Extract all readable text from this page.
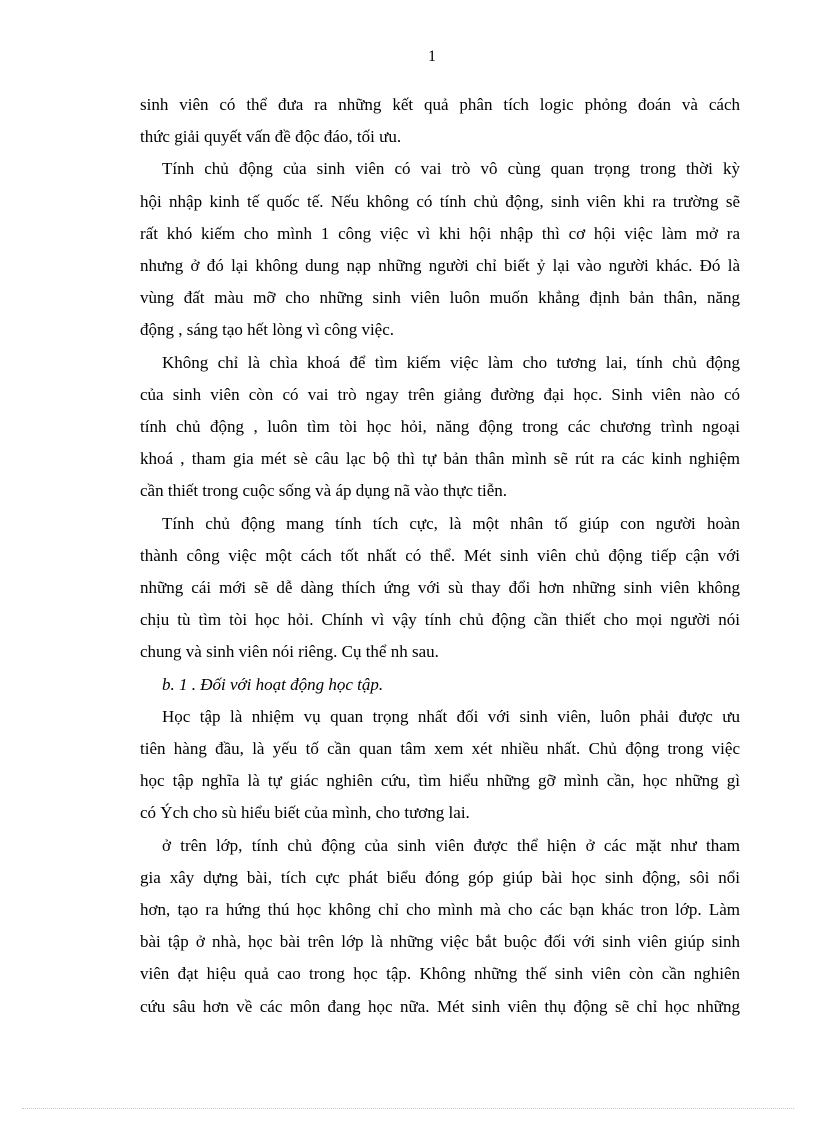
1
sinh viên có thể đưa ra những kết quả phân tích logic phỏng đoán và cách
thức giải quyết vấn đề độc đáo, tối ưu.
Tính chủ động của sinh viên có vai trò vô cùng quan trọng trong thời kỳ
hội nhập kinh tế quốc tế. Nếu không có tính chủ động, sinh viên khi ra trường sẽ
rất khó kiếm cho mình 1 công việc vì khi hội nhập thì cơ hội việc làm mở ra
nhưng ở đó lại không dung nạp những người chỉ biết ỷ lại vào người khác. Đó là
vùng đất màu mỡ cho những sinh viên luôn muốn khẳng định bản thân, năng
động , sáng tạo hết lòng vì công việc.
Không chỉ là chìa khoá để tìm kiếm việc làm cho tương lai, tính chủ động
của sinh viên còn có vai trò ngay trên giảng đường đại học. Sinh viên nào có
tính chủ động , luôn tìm tòi học hỏi, năng động trong các chương trình ngoại
khoá , tham gia mét sè câu lạc bộ thì tự bản thân mình sẽ rút ra các kinh nghiệm
cần thiết trong cuộc sống và áp dụng nã vào thực tiễn.
Tính chủ động mang tính tích cực, là một nhân tố giúp con người hoàn
thành công việc một cách tốt nhất có thể. Mét sinh viên chủ động tiếp cận với
những cái mới sẽ dễ dàng thích ứng với sù thay đổi hơn những sinh viên không
chịu tù tìm tòi học hỏi. Chính vì vậy tính chủ động cần thiết cho mọi người nói
chung và sinh viên nói riêng. Cụ thể nh sau.
b. 1 . Đối với hoạt động học tập.
Học tập là nhiệm vụ quan trọng nhất đối với sinh viên, luôn phải được ưu
tiên hàng đầu, là yếu tố cần quan tâm xem xét nhiều nhất. Chủ động trong việc
học tập nghĩa là tự giác nghiên cứu, tìm hiểu những gỡ mình cần, học những gì
có Ých cho sù hiểu biết của mình, cho tương lai.
ở trên lớp, tính chủ động của sinh viên được thể hiện ở các mặt như tham
gia xây dựng bài, tích cực phát biểu đóng góp giúp bài học sinh động, sôi nổi
hơn, tạo ra hứng thú học không chỉ cho mình mà cho các bạn khác tron lớp. Làm
bài tập ở nhà, học bài trên lớp là những việc bắt buộc đối với sinh viên giúp sinh
viên đạt hiệu quả cao trong học tập. Không những thế sinh viên còn cần nghiên
cứu sâu hơn về các môn đang học nữa. Mét sinh viên thụ động sẽ chỉ học những
